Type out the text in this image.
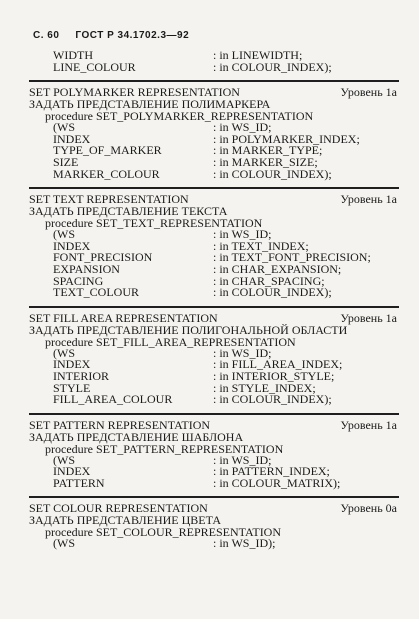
С. 60 ГОСТ Р 34.1702.3—92
WIDTH	: in LINEWIDTH;
LINE_COLOUR	: in COLOUR_INDEX);
SET POLYMARKER REPRESENTATION	Уровень 1a
ЗАДАТЬ ПРЕДСТАВЛЕНИЕ ПОЛИМАРКЕРА
procedure SET_POLYMARKER_REPRESENTATION
(WS	: in WS_ID;
INDEX	: in POLYMARKER_INDEX;
TYPE_OF_MARKER	: in MARKER_TYPE;
SIZE	: in MARKER_SIZE;
MARKER_COLOUR	: in COLOUR_INDEX);
SET TEXT REPRESENTATION	Уровень 1a
ЗАДАТЬ ПРЕДСТАВЛЕНИЕ ТЕКСТА
procedure SET_TEXT_REPRESENTATION
(WS	: in WS_ID;
INDEX	: in TEXT_INDEX;
FONT_PRECISION	: in TEXT_FONT_PRECISION;
EXPANSION	: in CHAR_EXPANSION;
SPACING	: in CHAR_SPACING;
TEXT_COLOUR	: in COLOUR_INDEX);
SET FILL AREA REPRESENTATION	Уровень 1a
ЗАДАТЬ ПРЕДСТАВЛЕНИЕ ПОЛИГОНАЛЬНОЙ ОБЛАСТИ
procedure SET_FILL_AREA_REPRESENTATION
(WS	: in WS_ID;
INDEX	: in FILL_AREA_INDEX;
INTERIOR	: in INTERIOR_STYLE;
STYLE	: in STYLE_INDEX;
FILL_AREA_COLOUR	: in COLOUR_INDEX);
SET PATTERN REPRESENTATION	Уровень 1a
ЗАДАТЬ ПРЕДСТАВЛЕНИЕ ШАБЛОНА
procedure SET_PATTERN_REPRESENTATION
(WS	: in WS_ID;
INDEX	: in PATTERN_INDEX;
PATTERN	: in COLOUR_MATRIX);
SET COLOUR REPRESENTATION	Уровень 0a
ЗАДАТЬ ПРЕДСТАВЛЕНИЕ ЦВЕТА
procedure SET_COLOUR_REPRESENTATION
(WS	: in WS_ID);
